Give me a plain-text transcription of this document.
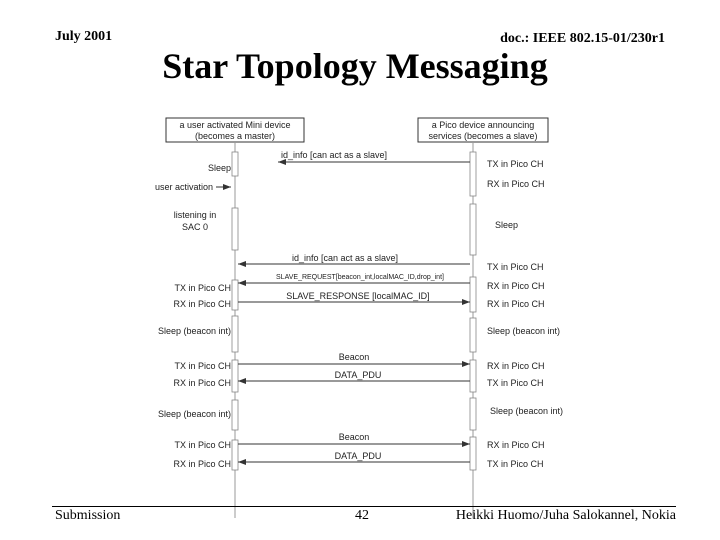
July 2001	doc.: IEEE 802.15-01/230r1
Star Topology Messaging
a user activated Mini device (becomes a master)
a Pico device announcing services (becomes a slave)
Sleep
user activation
listening in SAC 0
TX in Pico CH
RX in Pico CH
Sleep (beacon int)
TX in Pico CH
RX in Pico CH
Sleep (beacon int)
TX in Pico CH
RX in Pico CH
TX in Pico CH
RX in Pico CH
Sleep
TX in Pico CH
RX in Pico CH
RX in Pico CH
Sleep (beacon int)
RX in Pico CH
TX in Pico CH
Sleep (beacon int)
RX in Pico CH
TX in Pico CH
id_info [can act as a slave]
id_info [can act as a slave]
SLAVE_REQUEST[beacon_int,localMAC_ID,drop_int]
SLAVE_RESPONSE [localMAC_ID]
Beacon
DATA_PDU
Beacon
DATA_PDU
Submission	42	Heikki Huomo/Juha Salokannel, Nokia
